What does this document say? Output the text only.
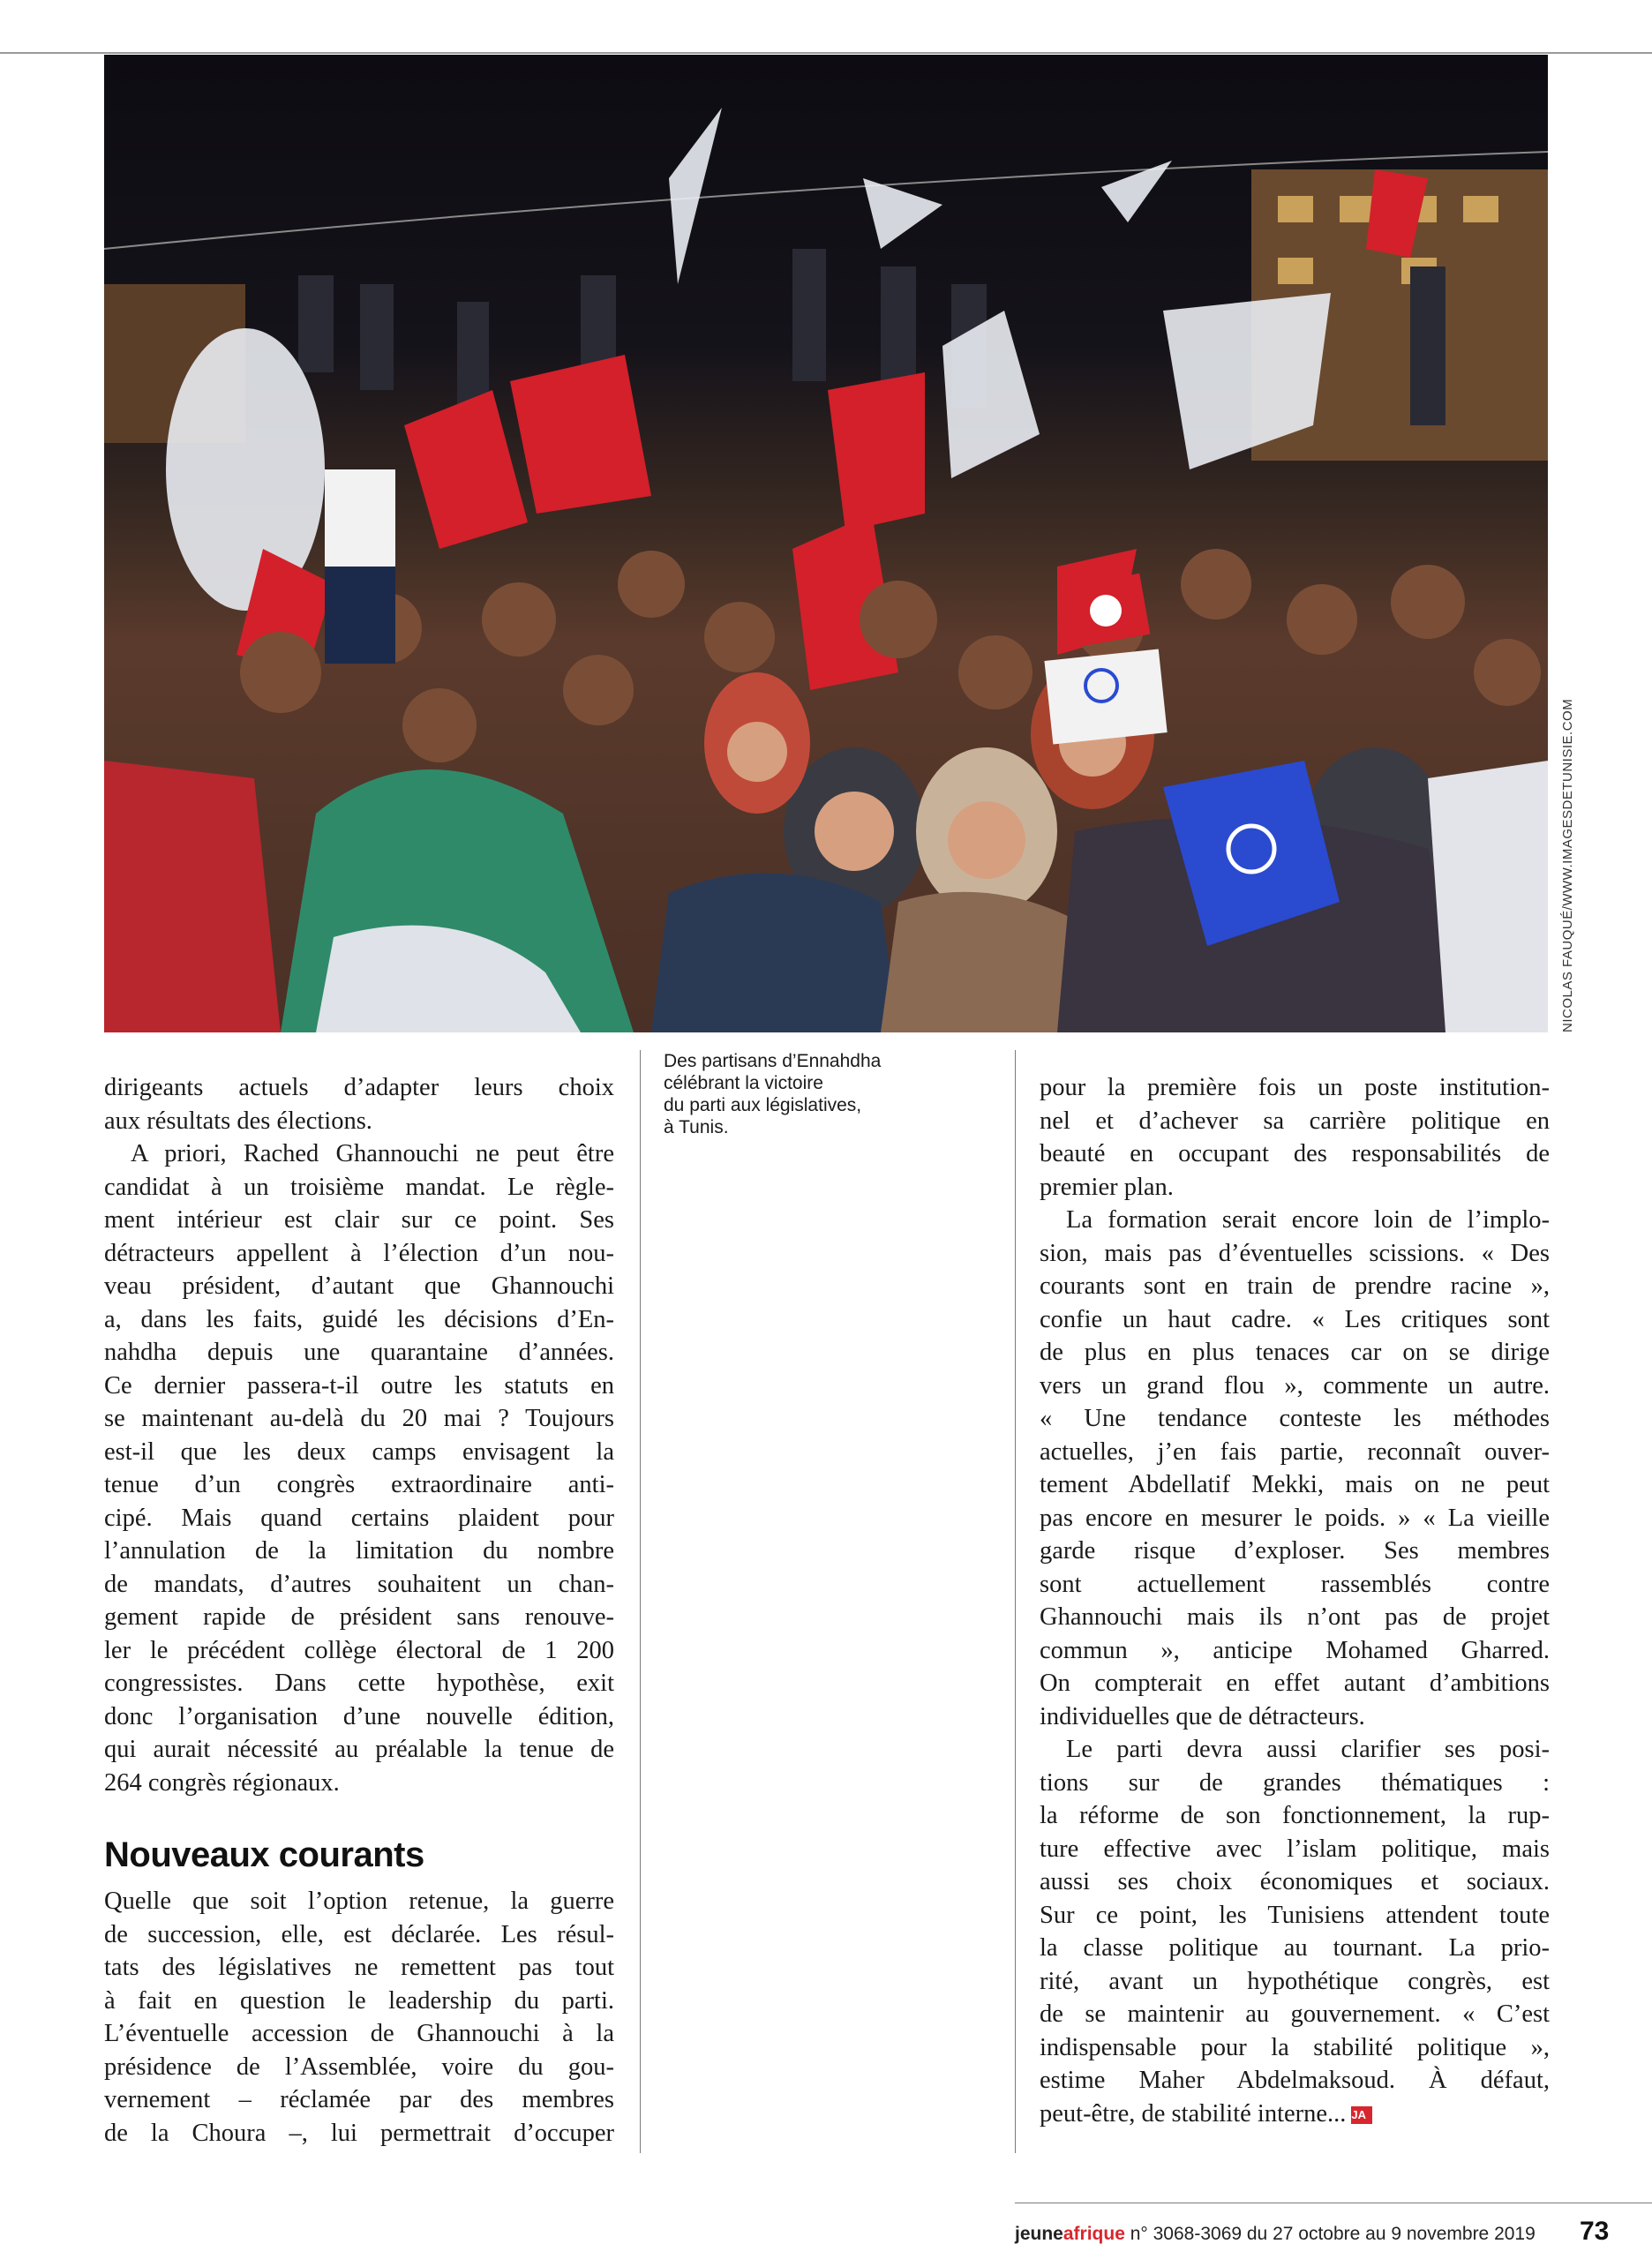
NICOLAS FAUQUÉ/WWW.IMAGESDETUNISIE.COM
Des partisans d’Ennahdha
célébrant la victoire
du parti aux législatives,
à Tunis.

dirigeants actuels d’adapter leurs choix
aux résultats des élections.

A priori, Rached Ghannouchi ne peut être
candidat à un troisième mandat. Le règle-
ment intérieur est clair sur ce point. Ses
détracteurs appellent à l’élection d’un nou-
veau président, d’autant que Ghannouchi
a, dans les faits, guidé les décisions d’En-
nahdha depuis une quarantaine d’années.
Ce dernier passera-t-il outre les statuts en
se maintenant au-delà du 20 mai ? Toujours
est-il que les deux camps envisagent la
tenue d’un congrès extraordinaire anti-
cipé. Mais quand certains plaident pour
l’annulation de la limitation du nombre
de mandats, d’autres souhaitent un chan-
gement rapide de président sans renouve-
ler le précédent collège électoral de 1 200
congressistes. Dans cette hypothèse, exit
donc l’organisation d’une nouvelle édition,
qui aurait nécessité au préalable la tenue de
264 congrès régionaux.

Nouveaux courants

Quelle que soit l’option retenue, la guerre
de succession, elle, est déclarée. Les résul-
tats des législatives ne remettent pas tout
à fait en question le leadership du parti.
L’éventuelle accession de Ghannouchi à la
présidence de l’Assemblée, voire du gou-
vernement – réclamée par des membres
de la Choura –, lui permettrait d’occuper

pour la première fois un poste institution-
nel et d’achever sa carrière politique en
beauté en occupant des responsabilités de
premier plan.

La formation serait encore loin de l’implo-
sion, mais pas d’éventuelles scissions. « Des
courants sont en train de prendre racine »,
confie un haut cadre. « Les critiques sont
de plus en plus tenaces car on se dirige
vers un grand flou », commente un autre.
« Une tendance conteste les méthodes
actuelles, j’en fais partie, reconnaît ouver-
tement Abdellatif Mekki, mais on ne peut
pas encore en mesurer le poids. » « La vieille
garde risque d’exploser. Ses membres
sont actuellement rassemblés contre
Ghannouchi mais ils n’ont pas de projet
commun », anticipe Mohamed Gharred.
On compterait en effet autant d’ambitions
individuelles que de détracteurs.

Le parti devra aussi clarifier ses posi-
tions sur de grandes thématiques :
la réforme de son fonctionnement, la rup-
ture effective avec l’islam politique, mais
aussi ses choix économiques et sociaux.
Sur ce point, les Tunisiens attendent toute
la classe politique au tournant. La prio-
rité, avant un hypothétique congrès, est
de se maintenir au gouvernement. « C’est
indispensable pour la stabilité politique »,
estime Maher Abdelmaksoud. À défaut,
peut-être, de stabilité interne... JA

jeuneafrique n° 3068-3069 du 27 octobre au 9 novembre 2019 73
